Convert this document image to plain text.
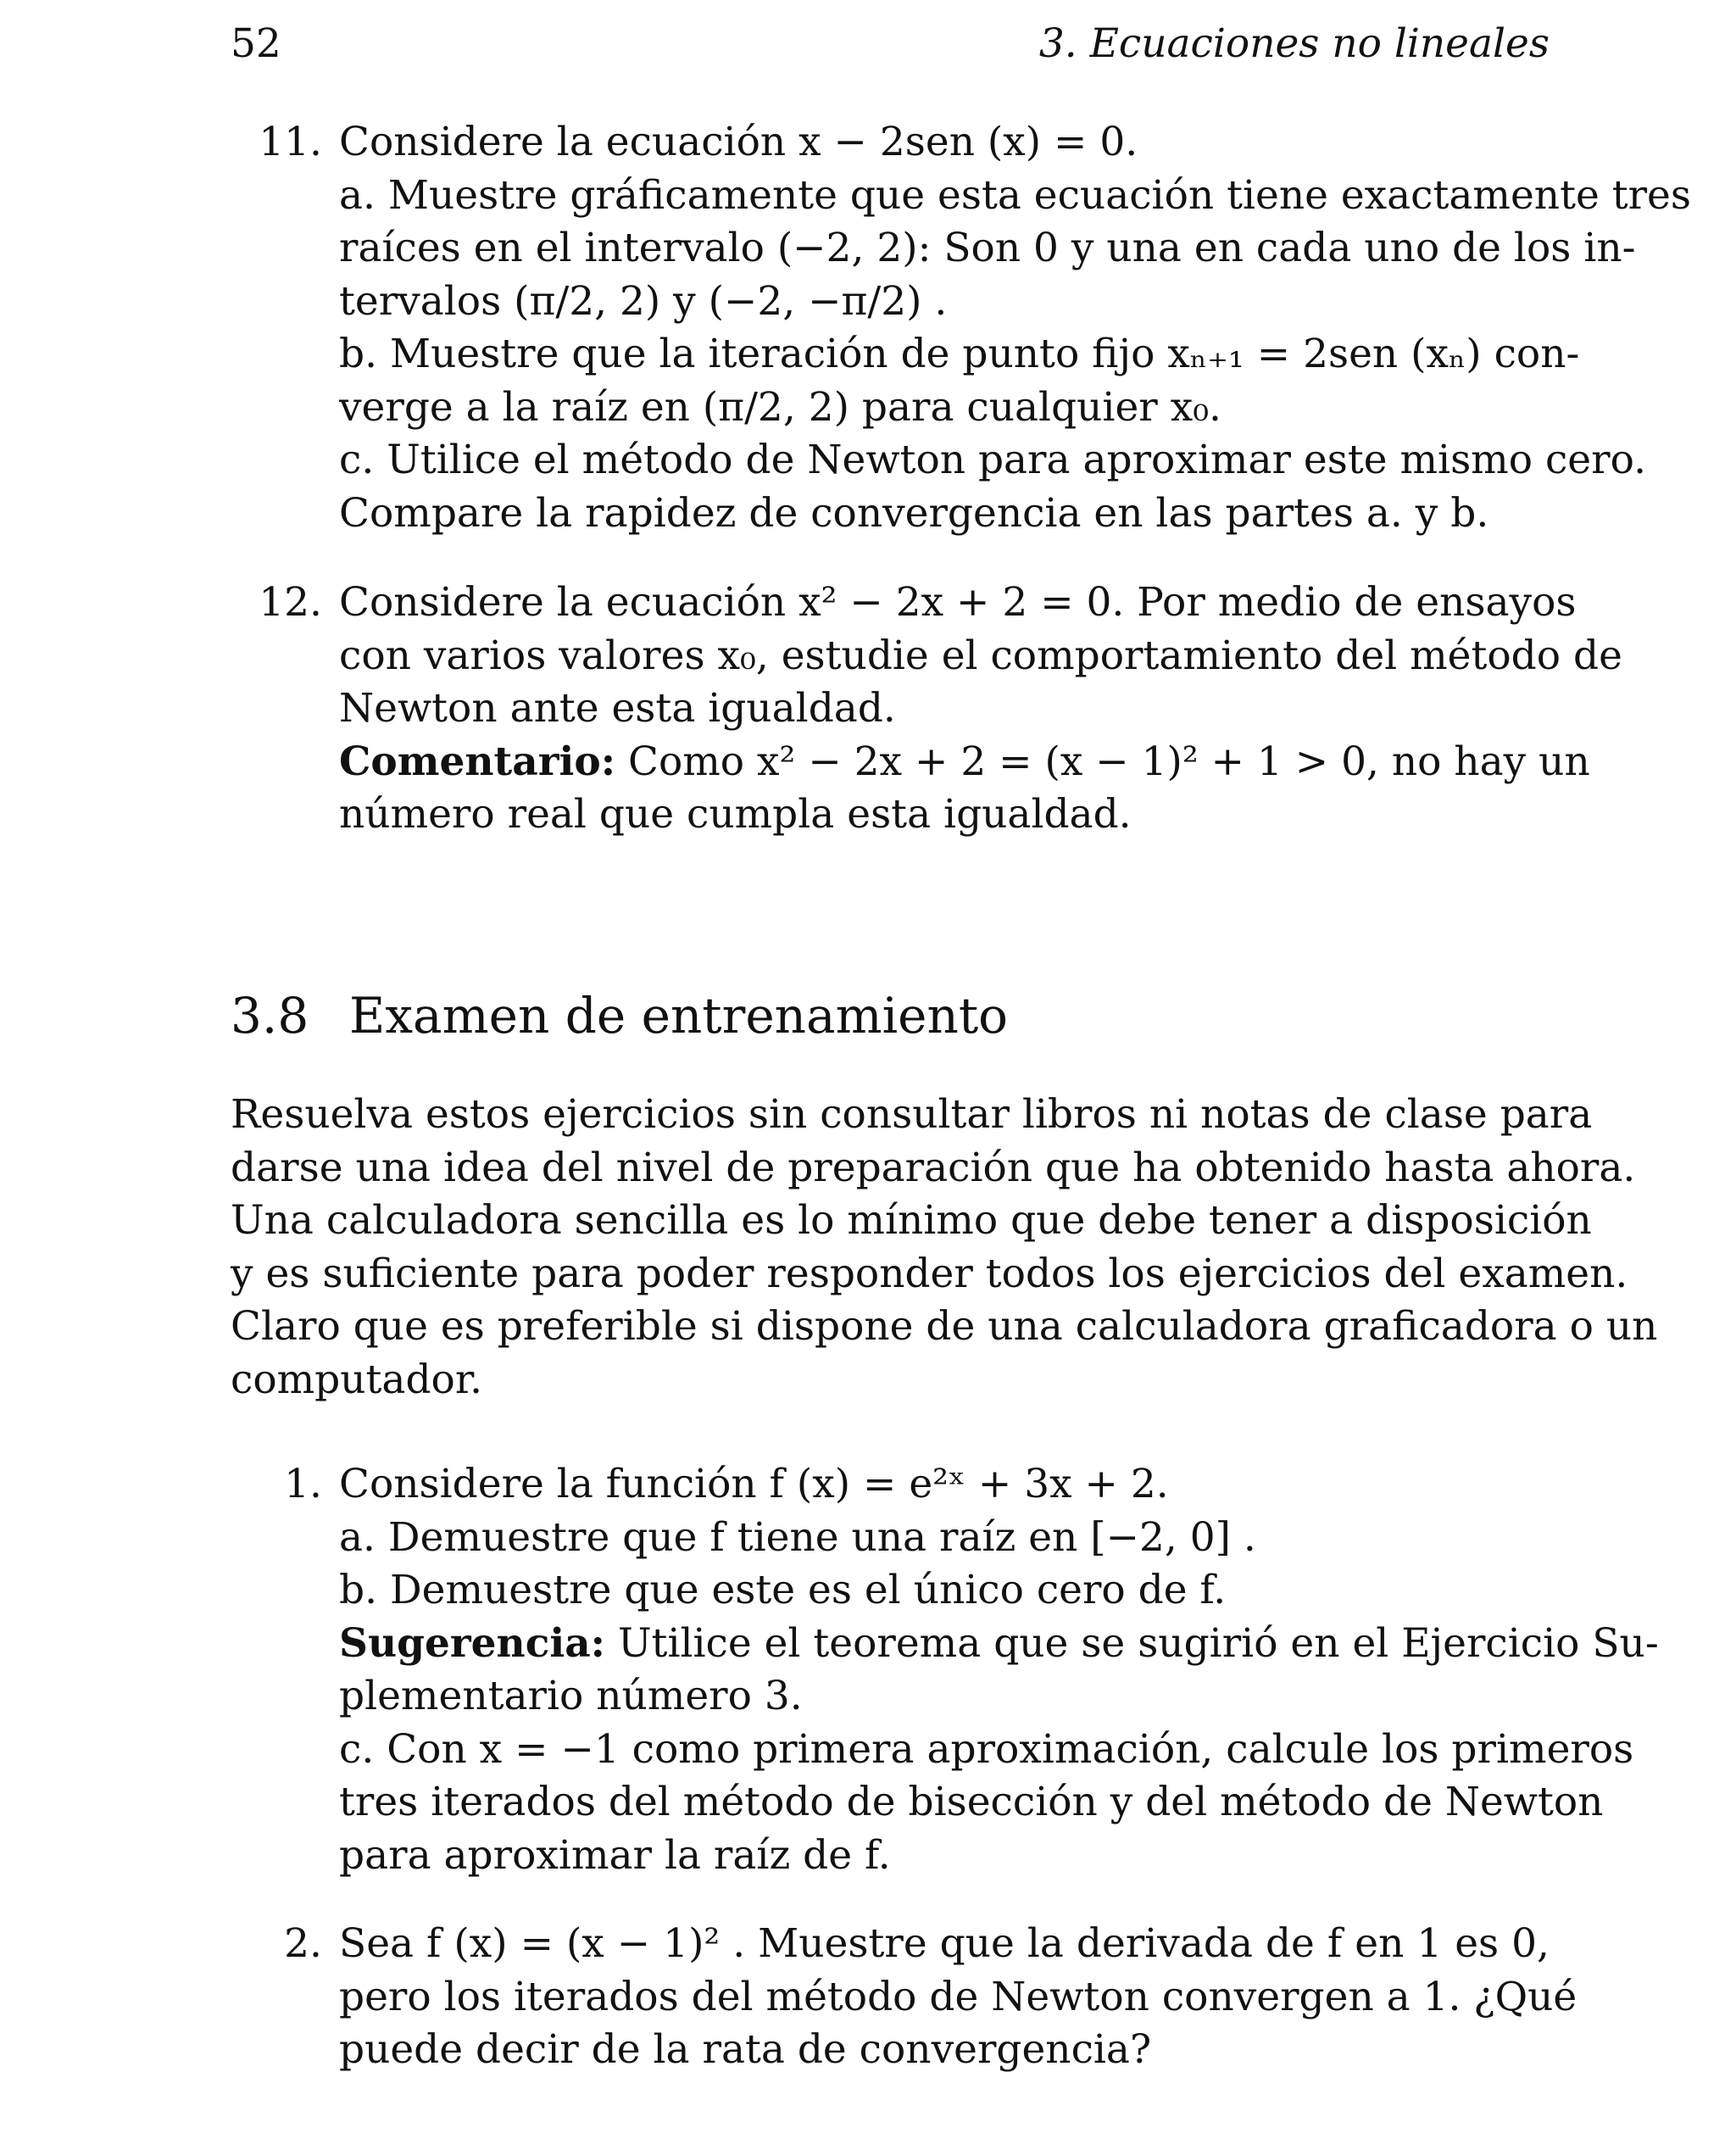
52	3. Ecuaciones no lineales
11. Considere la ecuación x − 2sen (x) = 0.
a. Muestre gráficamente que esta ecuación tiene exactamente tres
raíces en el intervalo (−2, 2): Son 0 y una en cada uno de los in-
tervalos (π/2, 2) y (−2, −π/2) .
b. Muestre que la iteración de punto fijo xₙ₊₁ = 2sen (xₙ) con-
verge a la raíz en (π/2, 2) para cualquier x₀.
c. Utilice el método de Newton para aproximar este mismo cero.
Compare la rapidez de convergencia en las partes a. y b.
12. Considere la ecuación x² − 2x + 2 = 0. Por medio de ensayos
con varios valores x₀, estudie el comportamiento del método de
Newton ante esta igualdad.
Comentario: Como x² − 2x + 2 = (x − 1)² + 1 > 0, no hay un
número real que cumpla esta igualdad.
3.8 Examen de entrenamiento
Resuelva estos ejercicios sin consultar libros ni notas de clase para
darse una idea del nivel de preparación que ha obtenido hasta ahora.
Una calculadora sencilla es lo mínimo que debe tener a disposición
y es suficiente para poder responder todos los ejercicios del examen.
Claro que es preferible si dispone de una calculadora graficadora o un
computador.
1. Considere la función f (x) = e²ˣ + 3x + 2.
a. Demuestre que f tiene una raíz en [−2, 0] .
b. Demuestre que este es el único cero de f.
Sugerencia: Utilice el teorema que se sugirió en el Ejercicio Su-
plementario número 3.
c. Con x = −1 como primera aproximación, calcule los primeros
tres iterados del método de bisección y del método de Newton
para aproximar la raíz de f.
2. Sea f (x) = (x − 1)² . Muestre que la derivada de f en 1 es 0,
pero los iterados del método de Newton convergen a 1. ¿Qué
puede decir de la rata de convergencia?
